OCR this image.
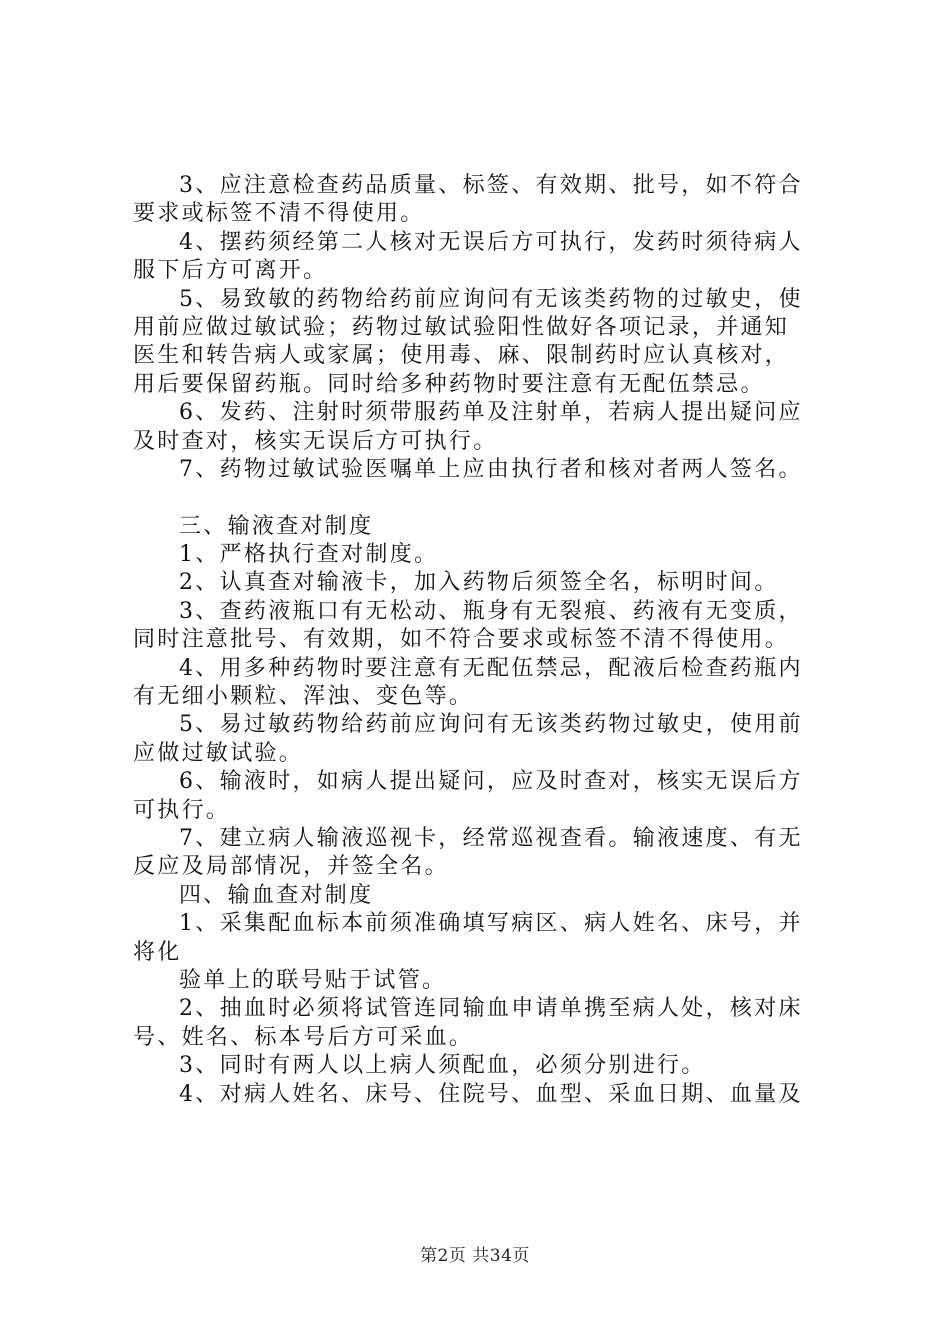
3、应注意检查药品质量、标签、有效期、批号，如不符合
要求或标签不清不得使用。
4、摆药须经第二人核对无误后方可执行，发药时须待病人
服下后方可离开。
5、易致敏的药物给药前应询问有无该类药物的过敏史，使
用前应做过敏试验；药物过敏试验阳性做好各项记录，并通知
医生和转告病人或家属；使用毒、麻、限制药时应认真核对，
用后要保留药瓶。同时给多种药物时要注意有无配伍禁忌。
6、发药、注射时须带服药单及注射单，若病人提出疑问应
及时查对，核实无误后方可执行。
7、药物过敏试验医嘱单上应由执行者和核对者两人签名。
三、输液查对制度
1、严格执行查对制度。
2、认真查对输液卡，加入药物后须签全名，标明时间。
3、查药液瓶口有无松动、瓶身有无裂痕、药液有无变质，
同时注意批号、有效期，如不符合要求或标签不清不得使用。
4、用多种药物时要注意有无配伍禁忌，配液后检查药瓶内
有无细小颗粒、浑浊、变色等。
5、易过敏药物给药前应询问有无该类药物过敏史，使用前
应做过敏试验。
6、输液时，如病人提出疑问，应及时查对，核实无误后方
可执行。
7、建立病人输液巡视卡，经常巡视查看。输液速度、有无
反应及局部情况，并签全名。
四、输血查对制度
1、采集配血标本前须准确填写病区、病人姓名、床号，并
将化
验单上的联号贴于试管。
2、抽血时必须将试管连同输血申请单携至病人处，核对床
号、姓名、标本号后方可采血。
3、同时有两人以上病人须配血，必须分别进行。
4、对病人姓名、床号、住院号、血型、采血日期、血量及
第2页 共34页
